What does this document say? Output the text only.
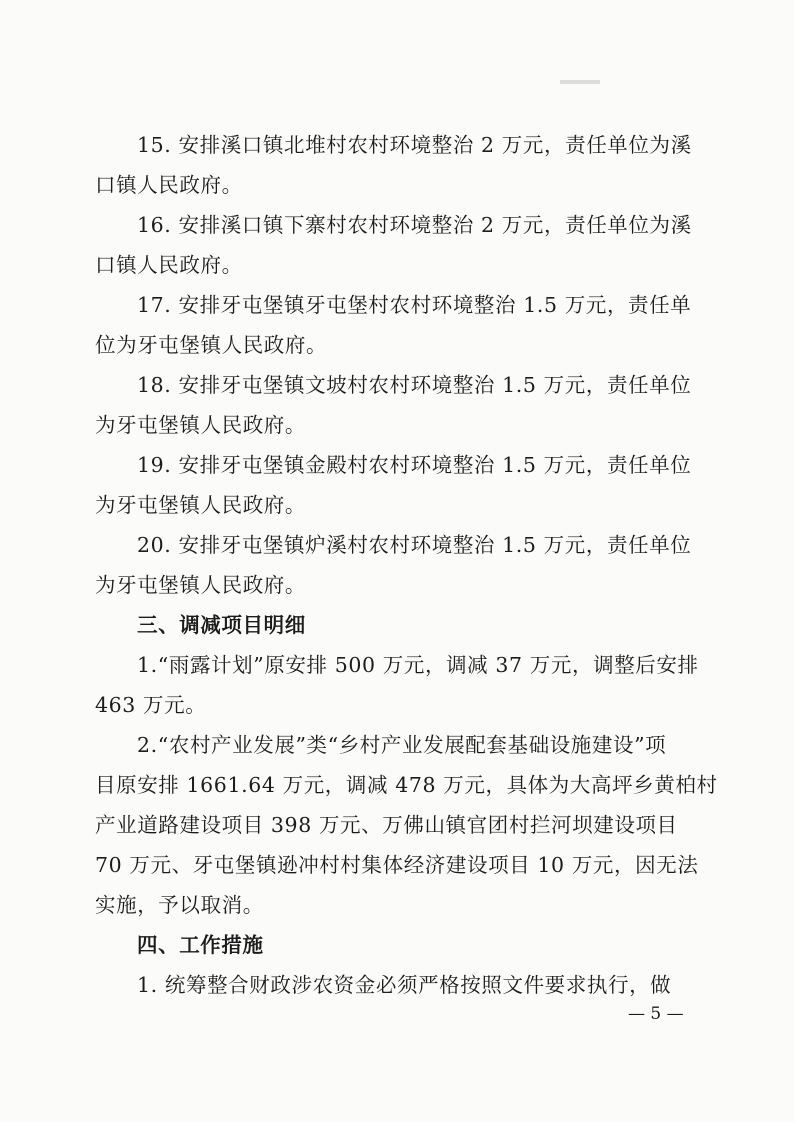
15. 安排溪口镇北堆村农村环境整治 2 万元，责任单位为溪
口镇人民政府。
16. 安排溪口镇下寨村农村环境整治 2 万元，责任单位为溪
口镇人民政府。
17. 安排牙屯堡镇牙屯堡村农村环境整治 1.5 万元，责任单
位为牙屯堡镇人民政府。
18. 安排牙屯堡镇文坡村农村环境整治 1.5 万元，责任单位
为牙屯堡镇人民政府。
19. 安排牙屯堡镇金殿村农村环境整治 1.5 万元，责任单位
为牙屯堡镇人民政府。
20. 安排牙屯堡镇炉溪村农村环境整治 1.5 万元，责任单位
为牙屯堡镇人民政府。
三、调减项目明细
1.“雨露计划”原安排 500 万元，调减 37 万元，调整后安排
463 万元。
2.“农村产业发展”类“乡村产业发展配套基础设施建设”项
目原安排 1661.64 万元，调减 478 万元，具体为大高坪乡黄柏村
产业道路建设项目 398 万元、万佛山镇官团村拦河坝建设项目
70 万元、牙屯堡镇逊冲村村集体经济建设项目 10 万元，因无法
实施，予以取消。
四、工作措施
1. 统筹整合财政涉农资金必须严格按照文件要求执行，做
— 5 —
